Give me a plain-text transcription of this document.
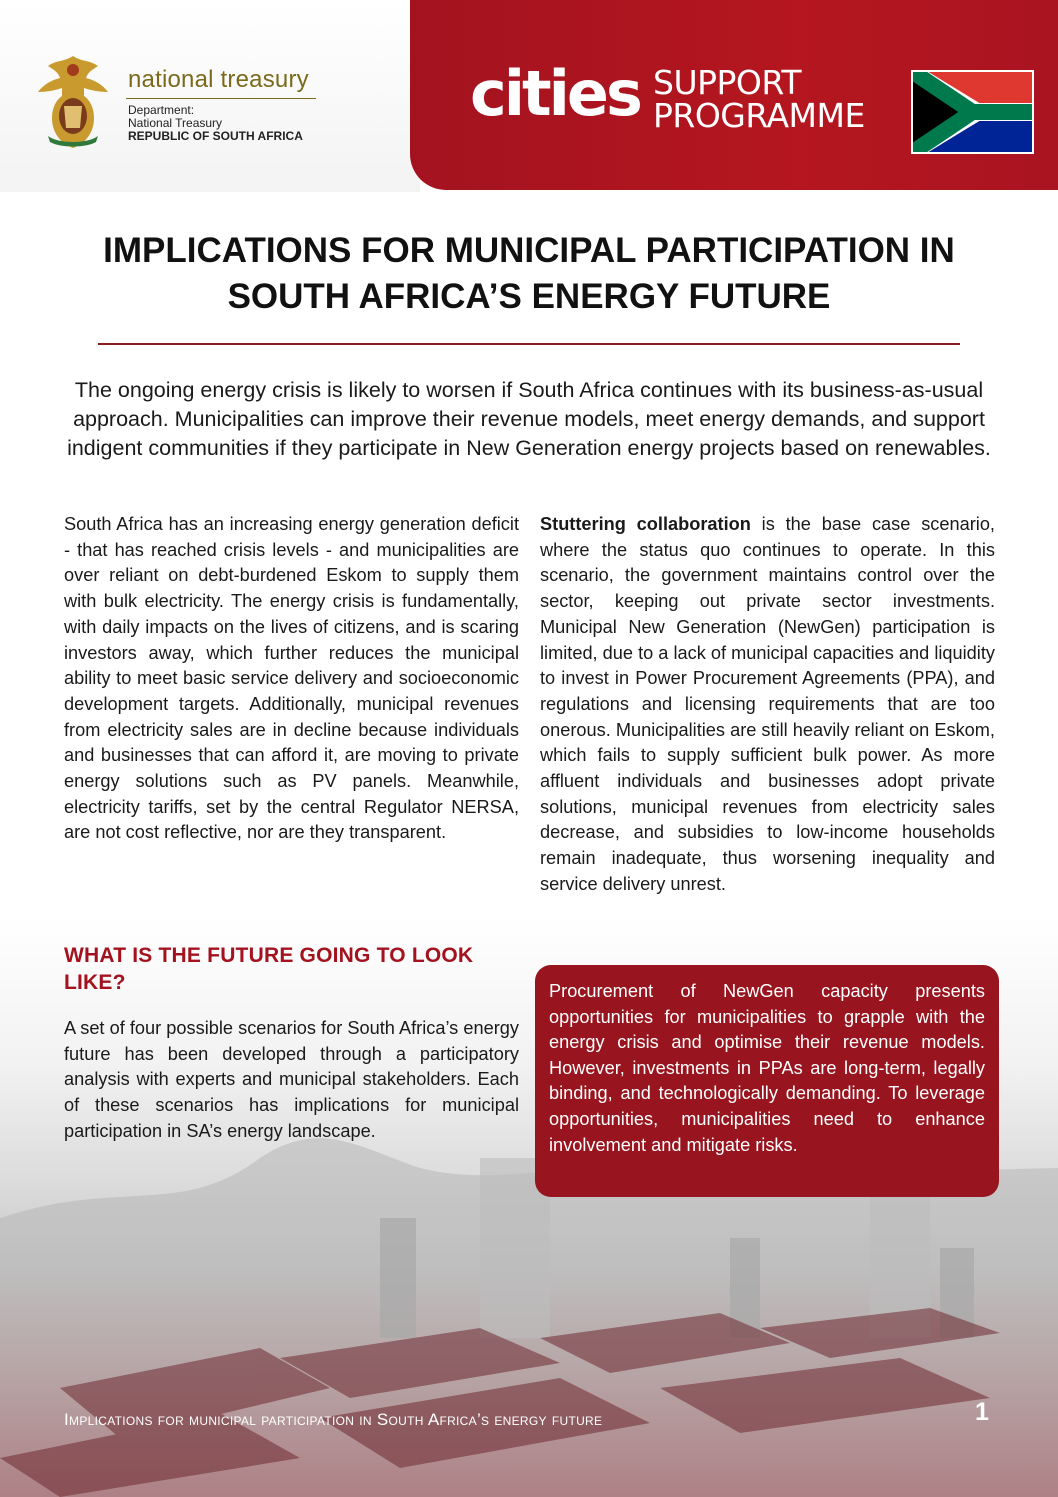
national treasury
Department:
National Treasury
REPUBLIC OF SOUTH AFRICA
cities SUPPORT
PROGRAMME
IMPLICATIONS FOR MUNICIPAL PARTICIPATION IN
SOUTH AFRICA’S ENERGY FUTURE
The ongoing energy crisis is likely to worsen if South Africa continues with its business-as-usual approach. Municipalities can improve their revenue models, meet energy demands, and support indigent communities if they participate in New Generation energy projects based on renewables.
South Africa has an increasing energy generation deficit - that has reached crisis levels - and municipalities are over reliant on debt-burdened Eskom to supply them with bulk electricity. The energy crisis is fundamentally, with daily impacts on the lives of citizens, and is scaring investors away, which further reduces the municipal ability to meet basic service delivery and socioeconomic development targets. Additionally, municipal revenues from electricity sales are in decline because individuals and businesses that can afford it, are moving to private energy solutions such as PV panels. Meanwhile, electricity tariffs, set by the central Regulator NERSA, are not cost reflective, nor are they transparent.
Stuttering collaboration is the base case scenario, where the status quo continues to operate. In this scenario, the government maintains control over the sector, keeping out private sector investments. Municipal New Generation (NewGen) participation is limited, due to a lack of municipal capacities and liquidity to invest in Power Procurement Agreements (PPA), and regulations and licensing requirements that are too onerous. Municipalities are still heavily reliant on Eskom, which fails to supply sufficient bulk power. As more affluent individuals and businesses adopt private solutions, municipal revenues from electricity sales decrease, and subsidies to low-income households remain inadequate, thus worsening inequality and service delivery unrest.
WHAT IS THE FUTURE GOING TO LOOK LIKE?
A set of four possible scenarios for South Africa’s energy future has been developed through a participatory analysis with experts and municipal stakeholders. Each of these scenarios has implications for municipal participation in SA’s energy landscape.
Procurement of NewGen capacity presents opportunities for municipalities to grapple with the energy crisis and optimise their revenue models. However, investments in PPAs are long-term, legally binding, and technologically demanding. To leverage opportunities, municipalities need to enhance involvement and mitigate risks.
Implications for municipal participation in South Africa’s energy future	1
